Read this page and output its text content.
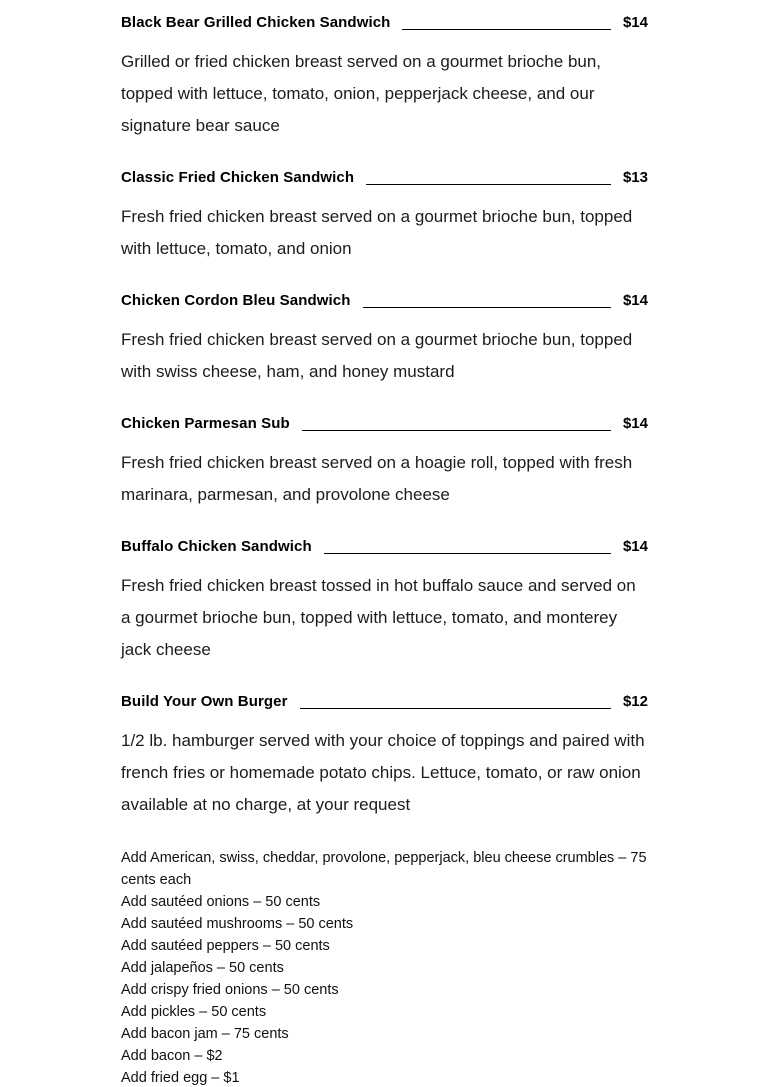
Black Bear Grilled Chicken Sandwich	$14

Grilled or fried chicken breast served on a gourmet brioche bun, topped with lettuce, tomato, onion, pepperjack cheese, and our signature bear sauce

Classic Fried Chicken Sandwich	$13

Fresh fried chicken breast served on a gourmet brioche bun, topped with lettuce, tomato, and onion

Chicken Cordon Bleu Sandwich	$14

Fresh fried chicken breast served on a gourmet brioche bun, topped with swiss cheese, ham, and honey mustard

Chicken Parmesan Sub	$14

Fresh fried chicken breast served on a hoagie roll, topped with fresh marinara, parmesan, and provolone cheese

Buffalo Chicken Sandwich	$14

Fresh fried chicken breast tossed in hot buffalo sauce and served on a gourmet brioche bun, topped with lettuce, tomato, and monterey jack cheese

Build Your Own Burger	$12

1/2 lb. hamburger served with your choice of toppings and paired with french fries or homemade potato chips. Lettuce, tomato, or raw onion available at no charge, at your request

Add American, swiss, cheddar, provolone, pepperjack, bleu cheese crumbles – 75 cents each

Add sautéed onions – 50 cents

Add sautéed mushrooms – 50 cents

Add sautéed peppers – 50 cents

Add jalapeños – 50 cents

Add crispy fried onions – 50 cents

Add pickles – 50 cents

Add bacon jam – 75 cents

Add bacon – $2

Add fried egg – $1
